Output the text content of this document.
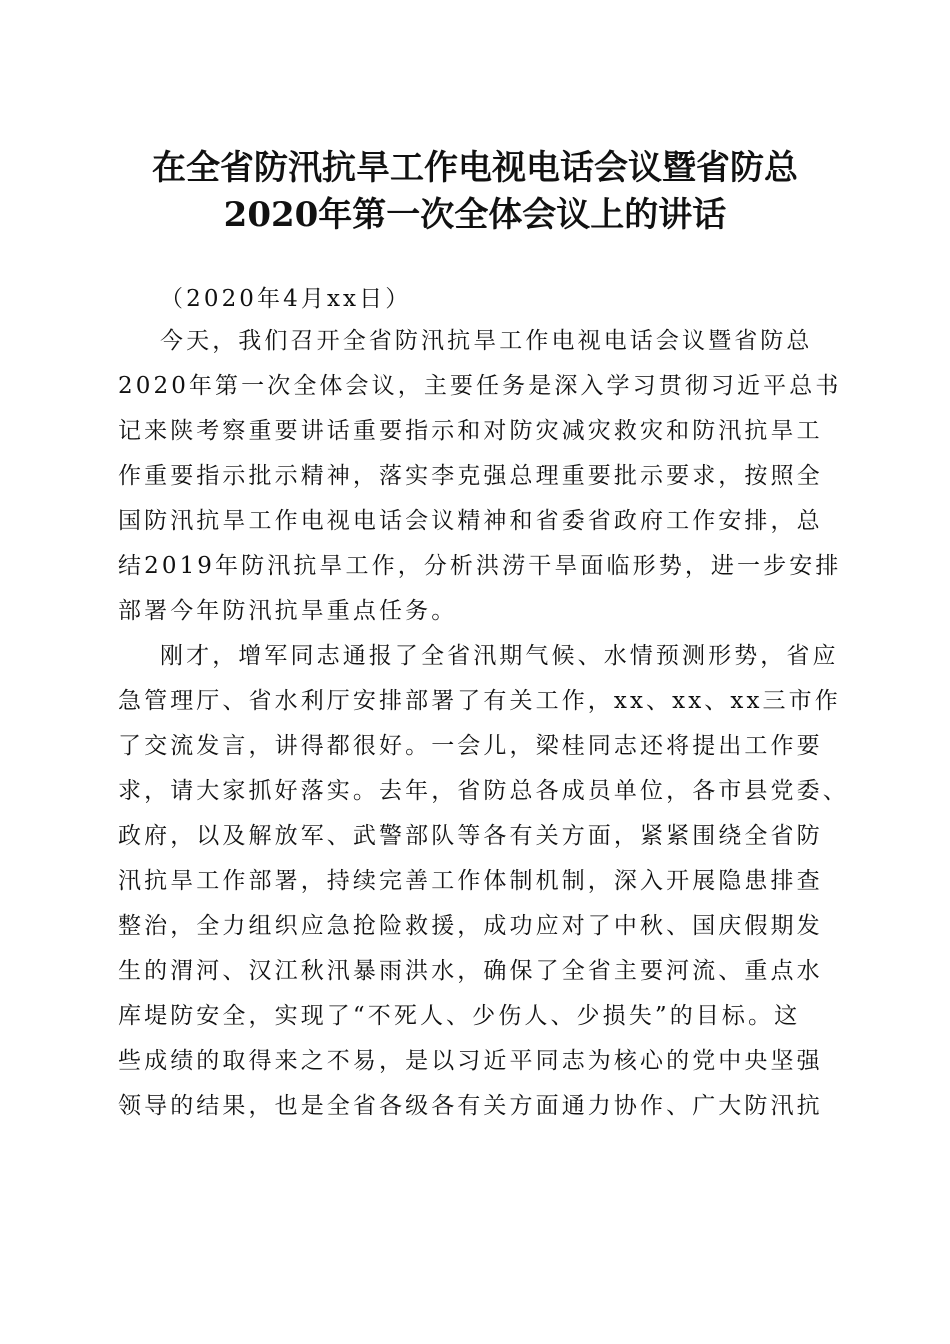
在全省防汛抗旱工作电视电话会议暨省防总
2020年第一次全体会议上的讲话
（2020年4月xx日）
今天，我们召开全省防汛抗旱工作电视电话会议暨省防总
2020年第一次全体会议，主要任务是深入学习贯彻习近平总书
记来陕考察重要讲话重要指示和对防灾减灾救灾和防汛抗旱工
作重要指示批示精神，落实李克强总理重要批示要求，按照全
国防汛抗旱工作电视电话会议精神和省委省政府工作安排，总
结2019年防汛抗旱工作，分析洪涝干旱面临形势，进一步安排
部署今年防汛抗旱重点任务。
刚才，增军同志通报了全省汛期气候、水情预测形势，省应
急管理厅、省水利厅安排部署了有关工作，xx、xx、xx三市作
了交流发言，讲得都很好。一会儿，梁桂同志还将提出工作要
求，请大家抓好落实。去年，省防总各成员单位，各市县党委、
政府，以及解放军、武警部队等各有关方面，紧紧围绕全省防
汛抗旱工作部署，持续完善工作体制机制，深入开展隐患排查
整治，全力组织应急抢险救援，成功应对了中秋、国庆假期发
生的渭河、汉江秋汛暴雨洪水，确保了全省主要河流、重点水
库堤防安全，实现了“不死人、少伤人、少损失”的目标。这
些成绩的取得来之不易，是以习近平同志为核心的党中央坚强
领导的结果，也是全省各级各有关方面通力协作、广大防汛抗
